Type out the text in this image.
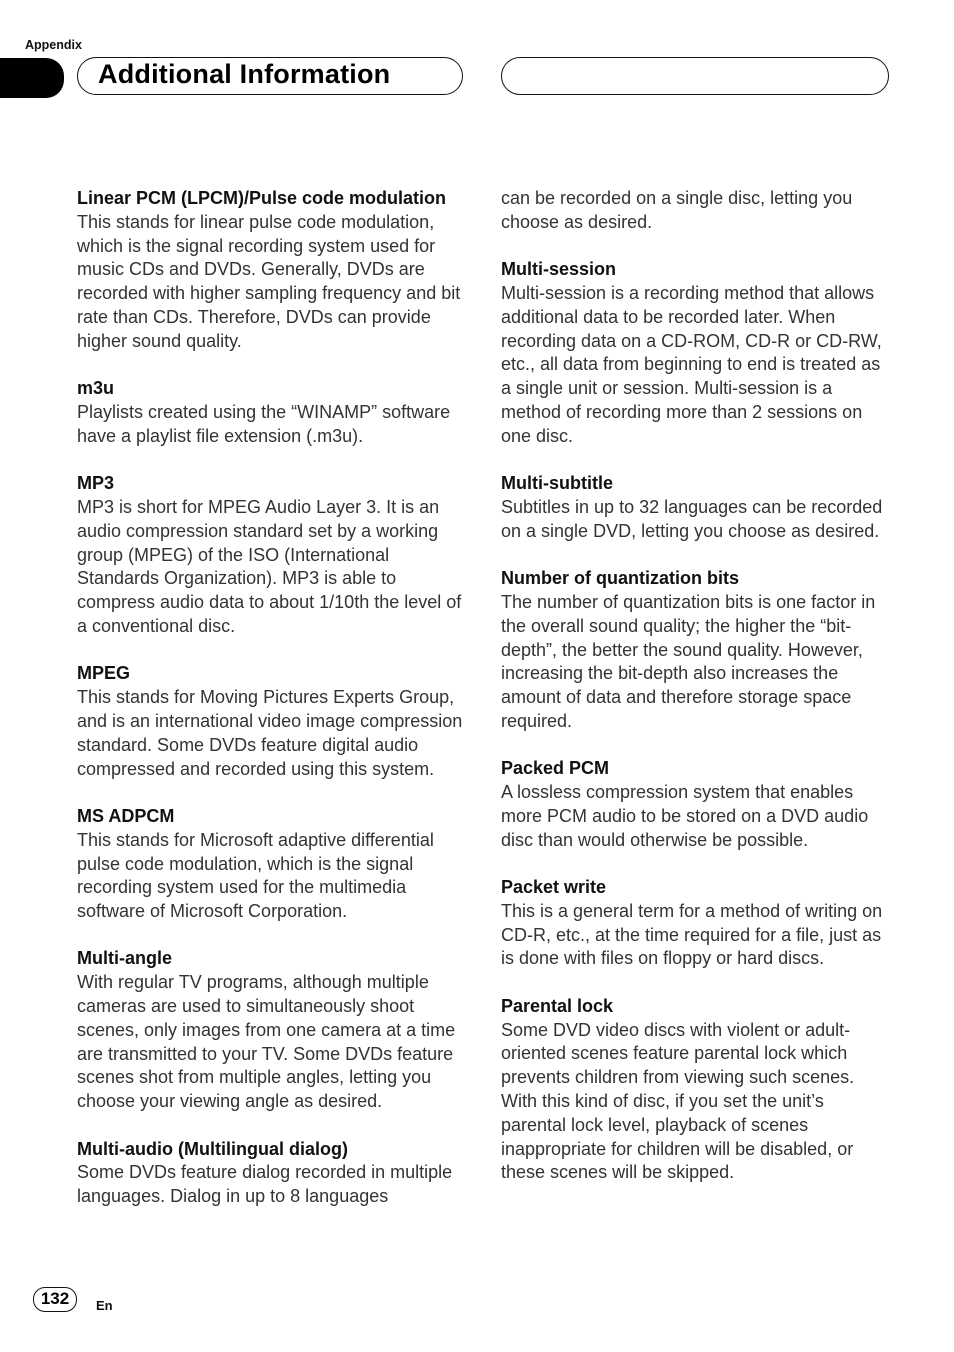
Appendix
Additional Information
Linear PCM (LPCM)/Pulse code modulation
This stands for linear pulse code modulation, which is the signal recording system used for music CDs and DVDs. Generally, DVDs are recorded with higher sampling frequency and bit rate than CDs. Therefore, DVDs can provide higher sound quality.
m3u
Playlists created using the “WINAMP” software have a playlist file extension (.m3u).
MP3
MP3 is short for MPEG Audio Layer 3. It is an audio compression standard set by a working group (MPEG) of the ISO (International Standards Organization). MP3 is able to compress audio data to about 1/10th the level of a conventional disc.
MPEG
This stands for Moving Pictures Experts Group, and is an international video image compression standard. Some DVDs feature digital audio compressed and recorded using this system.
MS ADPCM
This stands for Microsoft adaptive differential pulse code modulation, which is the signal recording system used for the multimedia software of Microsoft Corporation.
Multi-angle
With regular TV programs, although multiple cameras are used to simultaneously shoot scenes, only images from one camera at a time are transmitted to your TV. Some DVDs feature scenes shot from multiple angles, letting you choose your viewing angle as desired.
Multi-audio (Multilingual dialog)
Some DVDs feature dialog recorded in multiple languages. Dialog in up to 8 languages
can be recorded on a single disc, letting you choose as desired.
Multi-session
Multi-session is a recording method that allows additional data to be recorded later. When recording data on a CD-ROM, CD-R or CD-RW, etc., all data from beginning to end is treated as a single unit or session. Multi-session is a method of recording more than 2 sessions on one disc.
Multi-subtitle
Subtitles in up to 32 languages can be recorded on a single DVD, letting you choose as desired.
Number of quantization bits
The number of quantization bits is one factor in the overall sound quality; the higher the “bit-depth”, the better the sound quality. However, increasing the bit-depth also increases the amount of data and therefore storage space required.
Packed PCM
A lossless compression system that enables more PCM audio to be stored on a DVD audio disc than would otherwise be possible.
Packet write
This is a general term for a method of writing on CD-R, etc., at the time required for a file, just as is done with files on floppy or hard discs.
Parental lock
Some DVD video discs with violent or adult-oriented scenes feature parental lock which prevents children from viewing such scenes. With this kind of disc, if you set the unit’s parental lock level, playback of scenes inappropriate for children will be disabled, or these scenes will be skipped.
132	En
